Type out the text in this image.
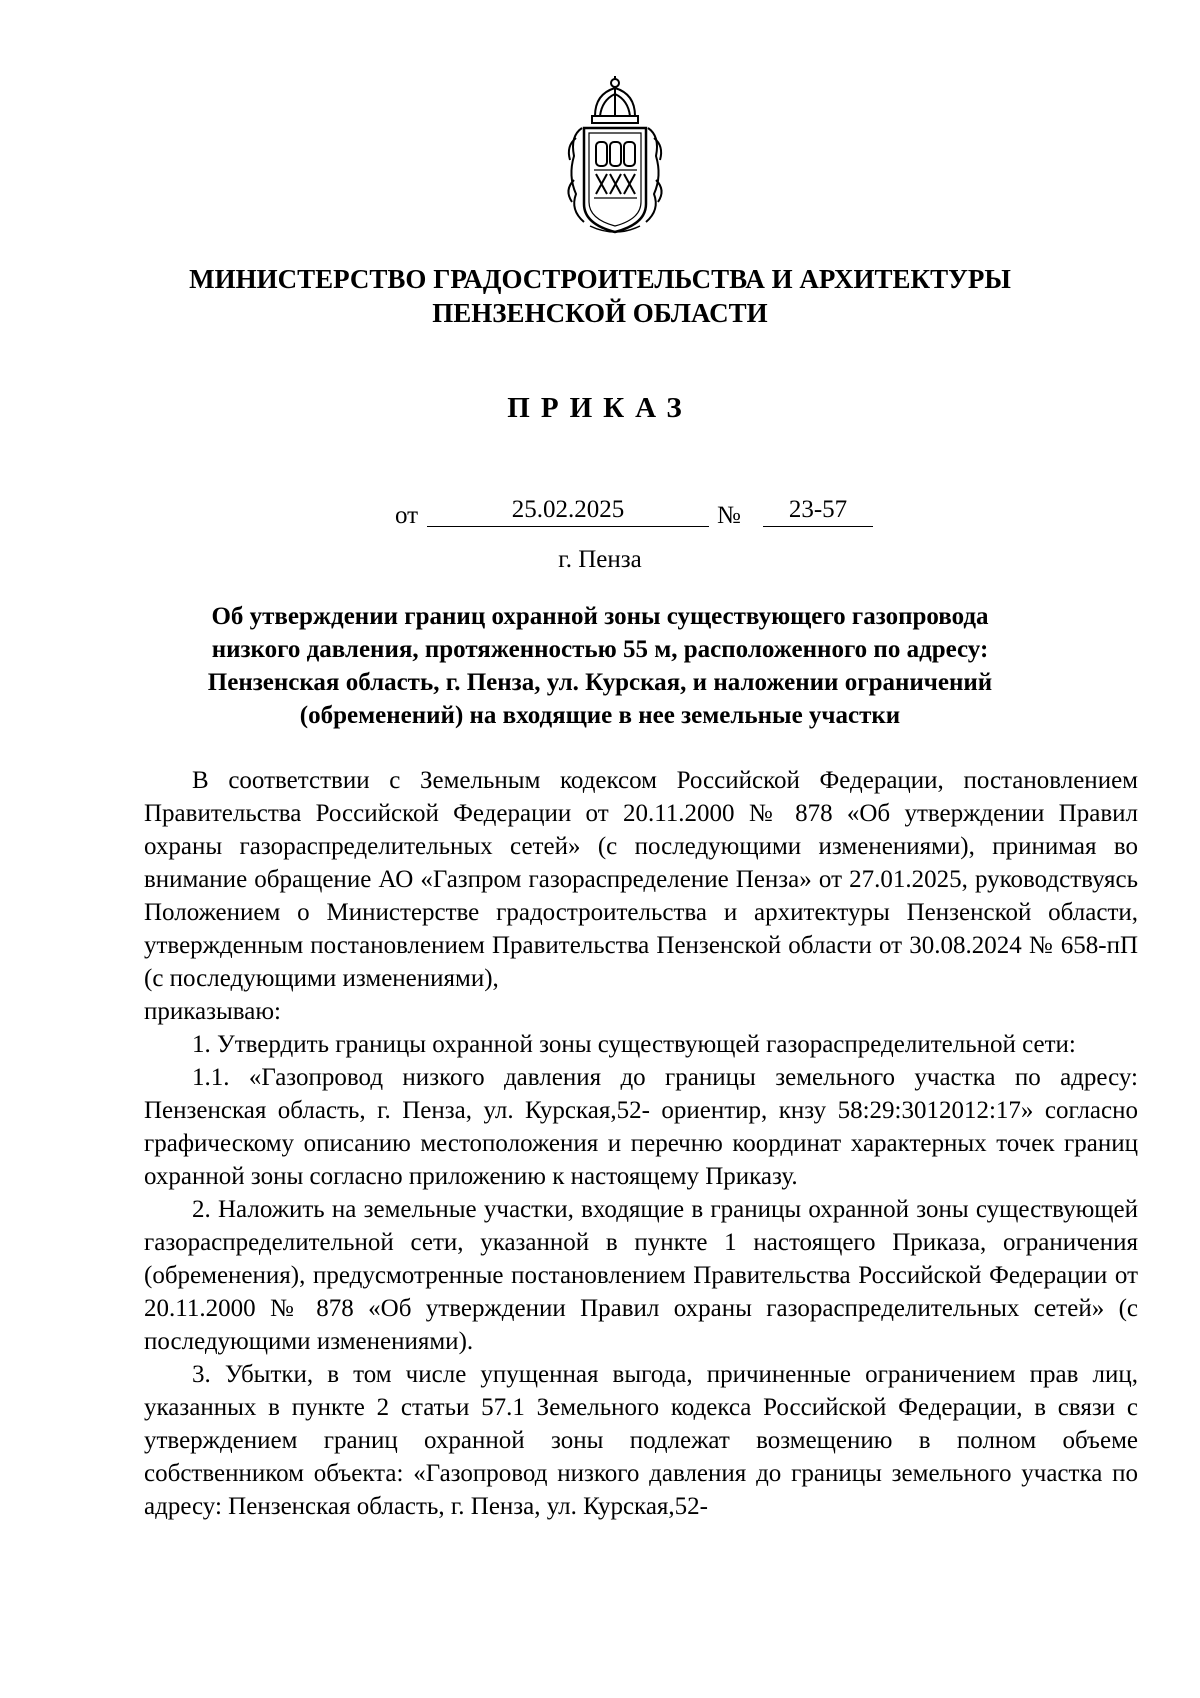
МИНИСТЕРСТВО ГРАДОСТРОИТЕЛЬСТВА И АРХИТЕКТУРЫ
ПЕНЗЕНСКОЙ ОБЛАСТИ
ПРИКАЗ
от	25.02.2025	№	23-57
г. Пенза
Об утверждении границ охранной зоны существующего газопровода
низкого давления, протяженностью 55 м, расположенного по адресу:
Пензенская область, г. Пенза, ул. Курская, и наложении ограничений
(обременений) на входящие в нее земельные участки

В соответствии с Земельным кодексом Российской Федерации, постановлением Правительства Российской Федерации от 20.11.2000 № 878 «Об утверждении Правил охраны газораспределительных сетей» (с последующими изменениями), принимая во внимание обращение АО «Газпром газораспределение Пенза» от 27.01.2025, руководствуясь Положением о Министерстве градостроительства и архитектуры Пензенской области, утвержденным постановлением Правительства Пензенской области от 30.08.2024 № 658-пП (с последующими изменениями),

приказываю:

1. Утвердить границы охранной зоны существующей газораспределительной сети:

1.1. «Газопровод низкого давления до границы земельного участка по адресу: Пензенская область, г. Пенза, ул. Курская,52- ориентир, кнзу 58:29:3012012:17» согласно графическому описанию местоположения и перечню координат характерных точек границ охранной зоны согласно приложению к настоящему Приказу.

2. Наложить на земельные участки, входящие в границы охранной зоны существующей газораспределительной сети, указанной в пункте 1 настоящего Приказа, ограничения (обременения), предусмотренные постановлением Правительства Российской Федерации от 20.11.2000 № 878 «Об утверждении Правил охраны газораспределительных сетей» (с последующими изменениями).

3. Убытки, в том числе упущенная выгода, причиненные ограничением прав лиц, указанных в пункте 2 статьи 57.1 Земельного кодекса Российской Федерации, в связи с утверждением границ охранной зоны подлежат возмещению в полном объеме собственником объекта: «Газопровод низкого давления до границы земельного участка по адресу: Пензенская область, г. Пенза, ул. Курская,52-
